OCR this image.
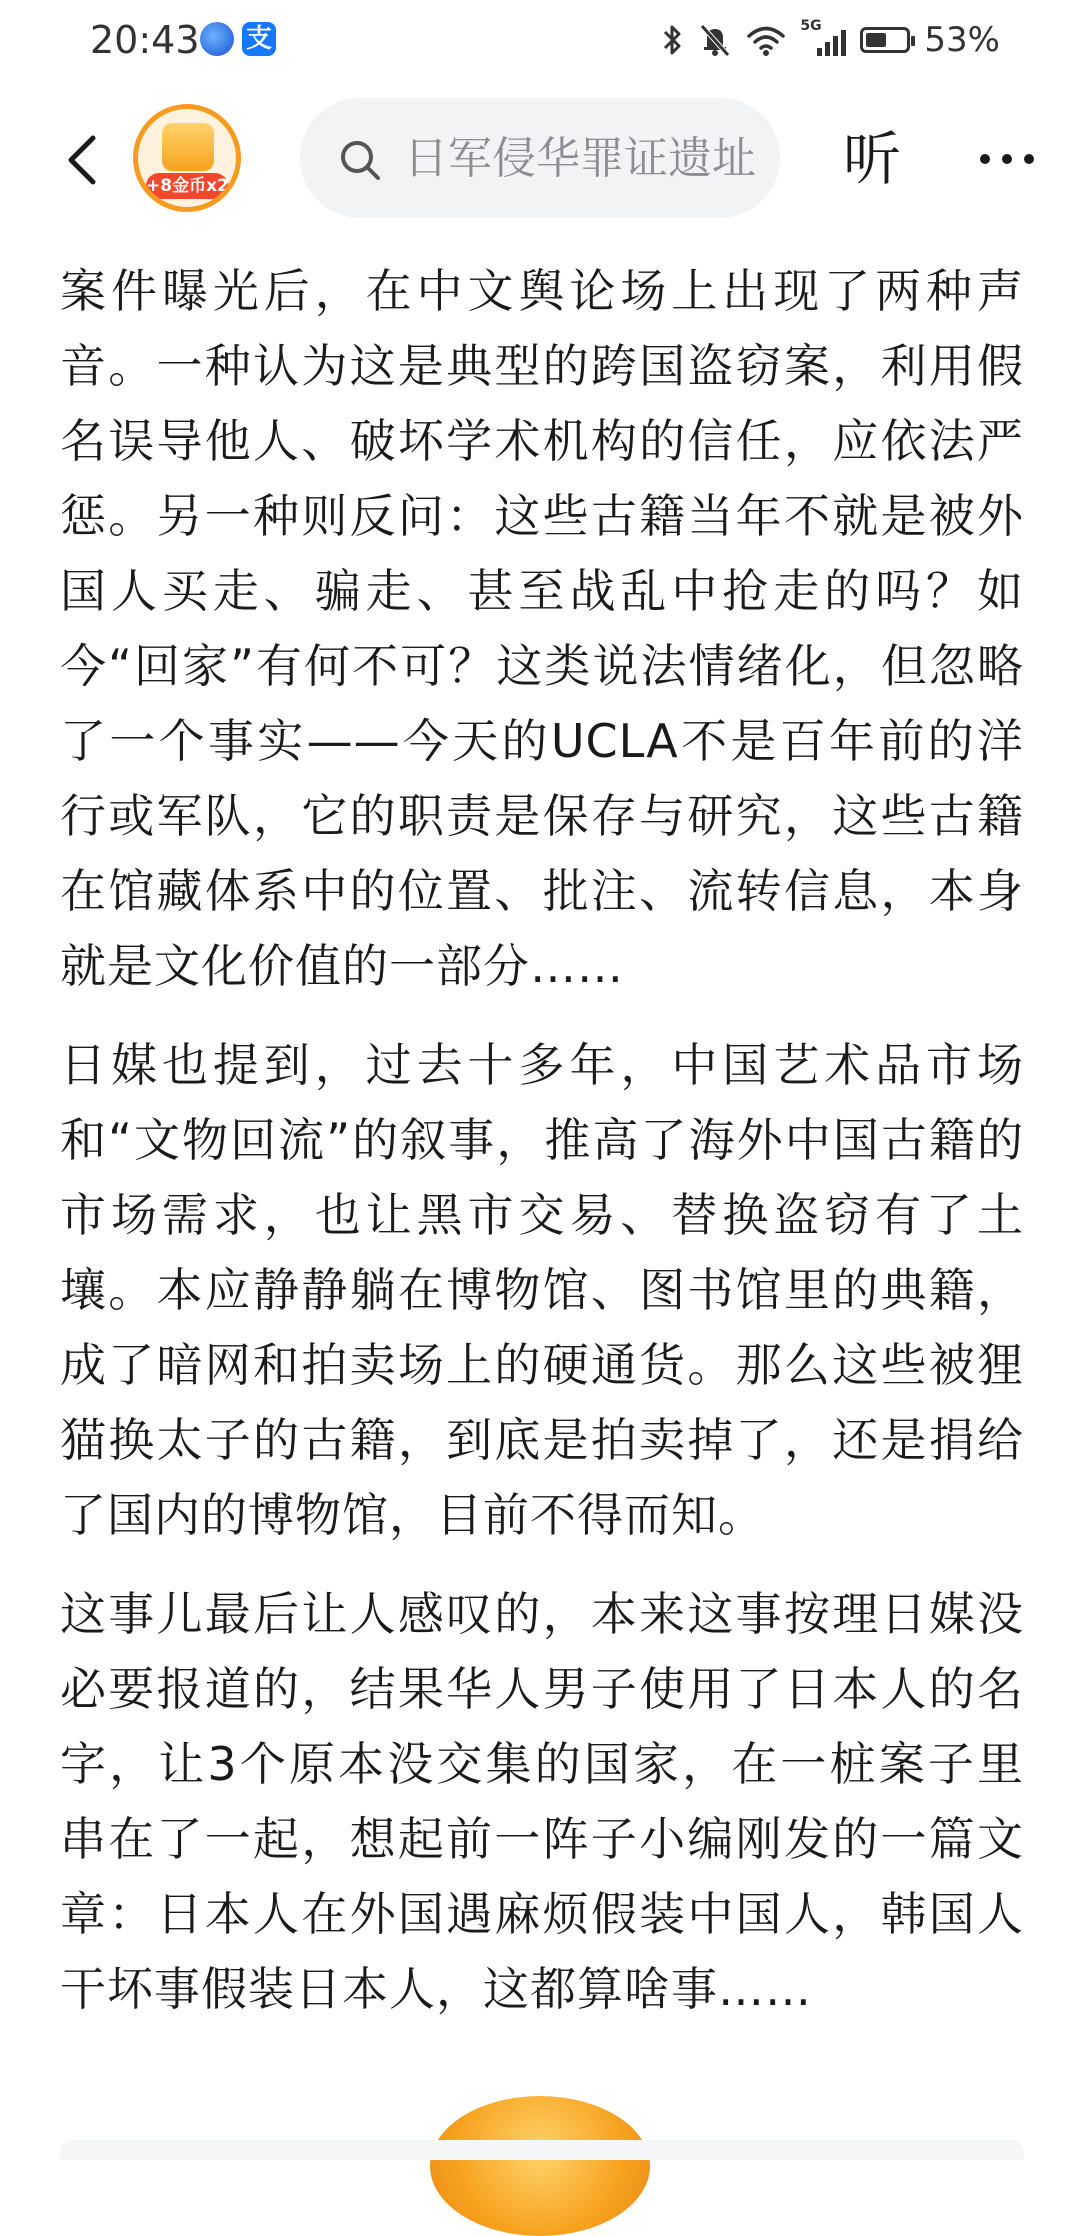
20:43 支	5G	53%
+8金币x2
日军侵华罪证遗址	听

案件曝光后，在中文舆论场上出现了两种声音。一种认为这是典型的跨国盗窃案，利用假名误导他人、破坏学术机构的信任，应依法严惩。另一种则反问：这些古籍当年不就是被外国人买走、骗走、甚至战乱中抢走的吗？如今“回家”有何不可？这类说法情绪化，但忽略了一个事实——今天的UCLA不是百年前的洋行或军队，它的职责是保存与研究，这些古籍在馆藏体系中的位置、批注、流转信息，本身就是文化价值的一部分……

日媒也提到，过去十多年，中国艺术品市场和“文物回流”的叙事，推高了海外中国古籍的市场需求，也让黑市交易、替换盗窃有了土壤。本应静静躺在博物馆、图书馆里的典籍，成了暗网和拍卖场上的硬通货。那么这些被狸猫换太子的古籍，到底是拍卖掉了，还是捐给了国内的博物馆，目前不得而知。

这事儿最后让人感叹的，本来这事按理日媒没必要报道的，结果华人男子使用了日本人的名字，让3个原本没交集的国家，在一桩案子里串在了一起，想起前一阵子小编刚发的一篇文章：日本人在外国遇麻烦假装中国人，韩国人干坏事假装日本人，这都算啥事……
